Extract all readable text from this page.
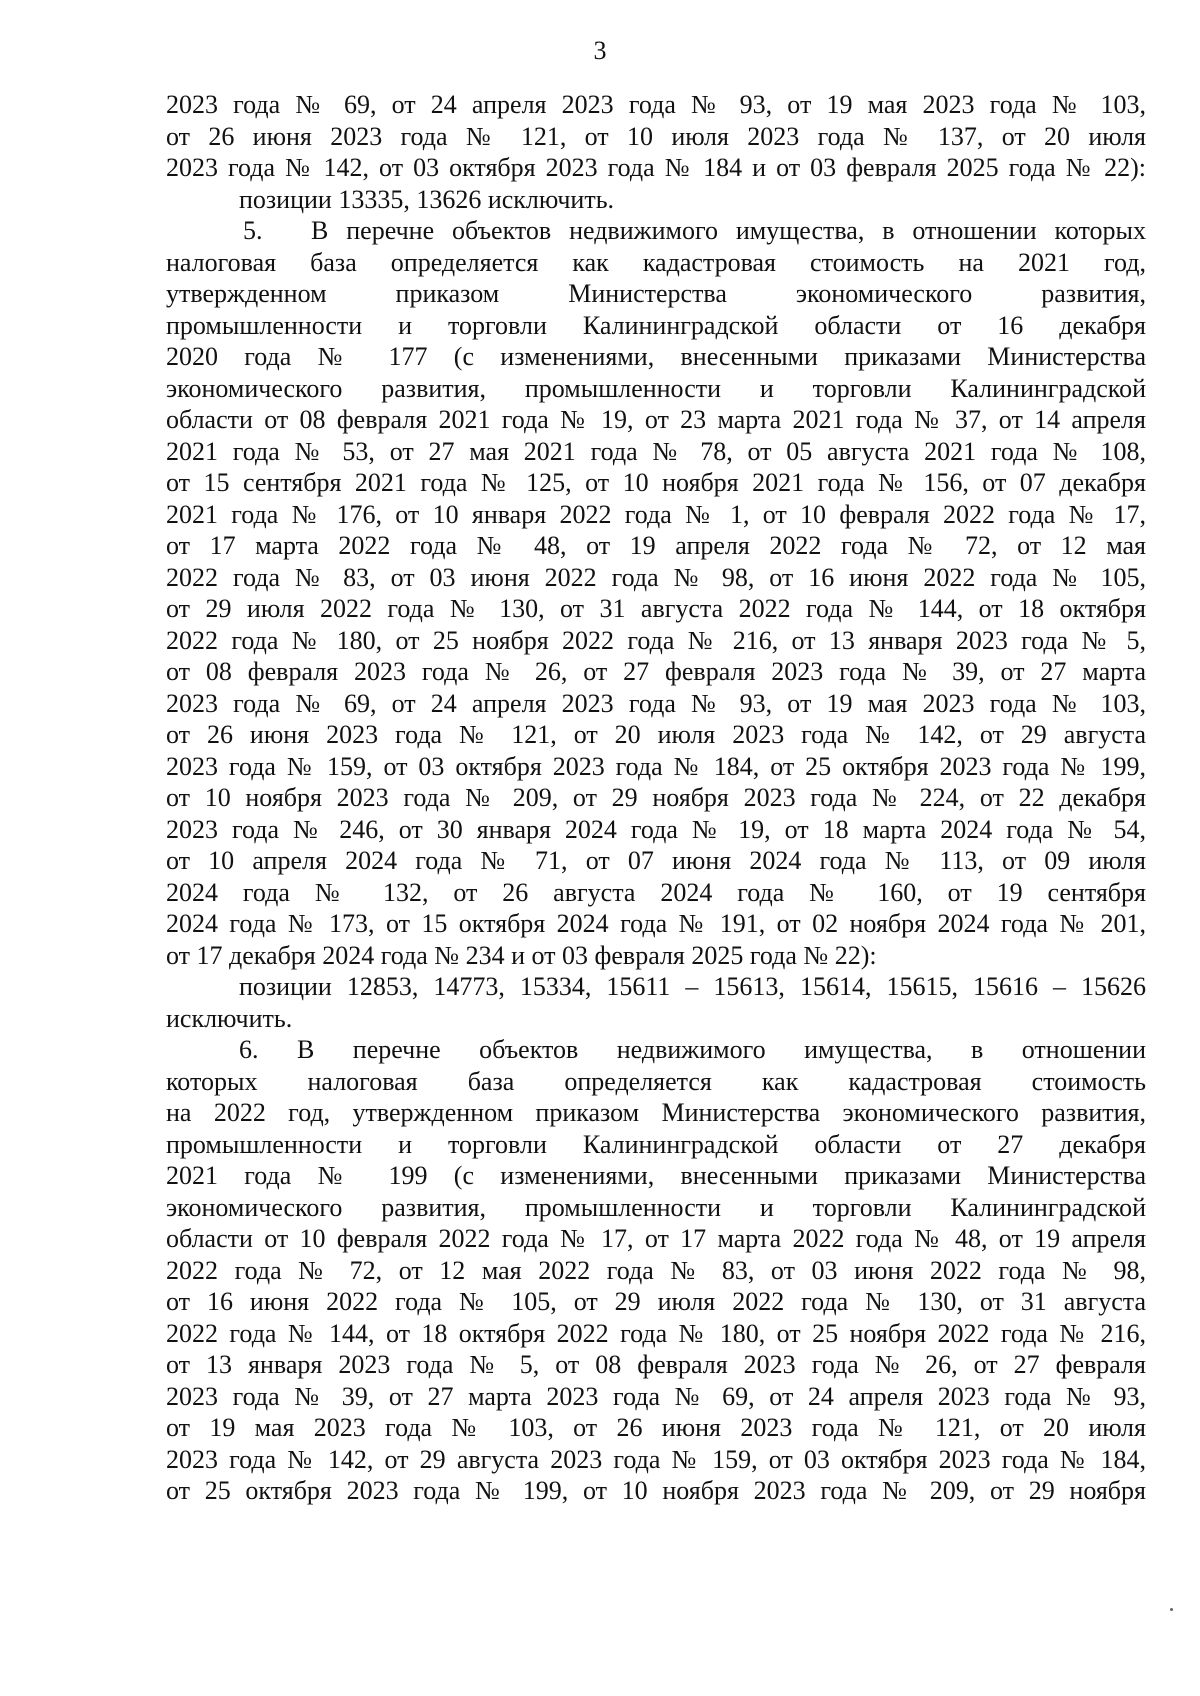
3
2023 года № 69, от 24 апреля 2023 года № 93, от 19 мая 2023 года № 103,
от 26 июня 2023 года № 121, от 10 июля 2023 года № 137, от 20 июля
2023 года № 142, от 03 октября 2023 года № 184 и от 03 февраля 2025 года № 22):
позиции 13335, 13626 исключить.
5. В перечне объектов недвижимого имущества, в отношении которых
налоговая база определяется как кадастровая стоимость на 2021 год,
утвержденном приказом Министерства экономического развития,
промышленности и торговли Калининградской области от 16 декабря
2020 года № 177 (с изменениями, внесенными приказами Министерства
экономического развития, промышленности и торговли Калининградской
области от 08 февраля 2021 года № 19, от 23 марта 2021 года № 37, от 14 апреля
2021 года № 53, от 27 мая 2021 года № 78, от 05 августа 2021 года № 108,
от 15 сентября 2021 года № 125, от 10 ноября 2021 года № 156, от 07 декабря
2021 года № 176, от 10 января 2022 года № 1, от 10 февраля 2022 года № 17,
от 17 марта 2022 года № 48, от 19 апреля 2022 года № 72, от 12 мая
2022 года № 83, от 03 июня 2022 года № 98, от 16 июня 2022 года № 105,
от 29 июля 2022 года № 130, от 31 августа 2022 года № 144, от 18 октября
2022 года № 180, от 25 ноября 2022 года № 216, от 13 января 2023 года № 5,
от 08 февраля 2023 года № 26, от 27 февраля 2023 года № 39, от 27 марта
2023 года № 69, от 24 апреля 2023 года № 93, от 19 мая 2023 года № 103,
от 26 июня 2023 года № 121, от 20 июля 2023 года № 142, от 29 августа
2023 года № 159, от 03 октября 2023 года № 184, от 25 октября 2023 года № 199,
от 10 ноября 2023 года № 209, от 29 ноября 2023 года № 224, от 22 декабря
2023 года № 246, от 30 января 2024 года № 19, от 18 марта 2024 года № 54,
от 10 апреля 2024 года № 71, от 07 июня 2024 года № 113, от 09 июля
2024 года № 132, от 26 августа 2024 года № 160, от 19 сентября
2024 года № 173, от 15 октября 2024 года № 191, от 02 ноября 2024 года № 201,
от 17 декабря 2024 года № 234 и от 03 февраля 2025 года № 22):
позиции 12853, 14773, 15334, 15611 – 15613, 15614, 15615, 15616 – 15626
исключить.
6. В перечне объектов недвижимого имущества, в отношении
которых налоговая база определяется как кадастровая стоимость
на 2022 год, утвержденном приказом Министерства экономического развития,
промышленности и торговли Калининградской области от 27 декабря
2021 года № 199 (с изменениями, внесенными приказами Министерства
экономического развития, промышленности и торговли Калининградской
области от 10 февраля 2022 года № 17, от 17 марта 2022 года № 48, от 19 апреля
2022 года № 72, от 12 мая 2022 года № 83, от 03 июня 2022 года № 98,
от 16 июня 2022 года № 105, от 29 июля 2022 года № 130, от 31 августа
2022 года № 144, от 18 октября 2022 года № 180, от 25 ноября 2022 года № 216,
от 13 января 2023 года № 5, от 08 февраля 2023 года № 26, от 27 февраля
2023 года № 39, от 27 марта 2023 года № 69, от 24 апреля 2023 года № 93,
от 19 мая 2023 года № 103, от 26 июня 2023 года № 121, от 20 июля
2023 года № 142, от 29 августа 2023 года № 159, от 03 октября 2023 года № 184,
от 25 октября 2023 года № 199, от 10 ноября 2023 года № 209, от 29 ноября
